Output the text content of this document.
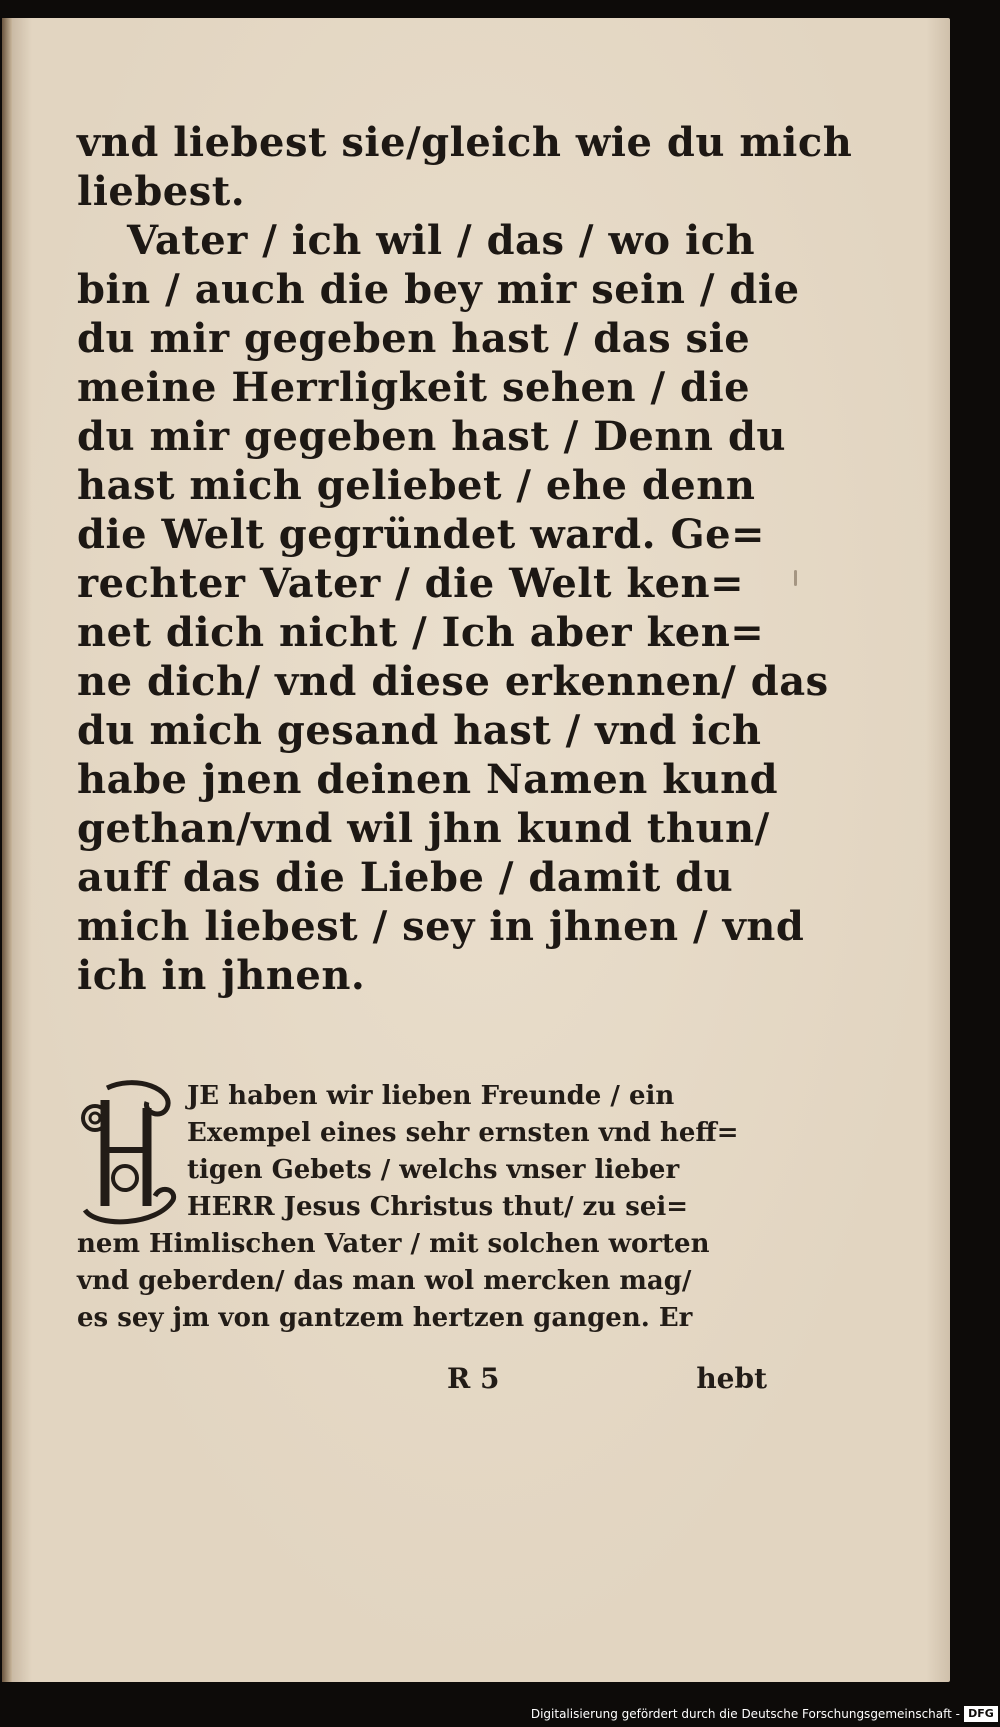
vnd liebest sie/gleich wie du mich
liebest.
Vater / ich wil / das / wo ich
bin / auch die bey mir sein / die
du mir gegeben hast / das sie
meine Herrligkeit sehen / die
du mir gegeben hast / Denn du
hast mich geliebet / ehe denn
die Welt gegründet ward. Ge=
rechter Vater / die Welt ken=
net dich nicht / Ich aber ken=
ne dich/ vnd diese erkennen/ das
du mich gesand hast / vnd ich
habe jnen deinen Namen kund
gethan/vnd wil jhn kund thun/
auff das die Liebe / damit du
mich liebest / sey in jhnen / vnd
ich in jhnen.
JE haben wir lieben Freunde / ein
Exempel eines sehr ernsten vnd heff=
tigen Gebets / welchs vnser lieber
HERR Jesus Christus thut/ zu sei=
nem Himlischen Vater / mit solchen worten
vnd geberden/ das man wol mercken mag/
es sey jm von gantzem hertzen gangen. Er
R 5	hebt
Digitalisierung gefördert durch die Deutsche Forschungsgemeinschaft - DFG
